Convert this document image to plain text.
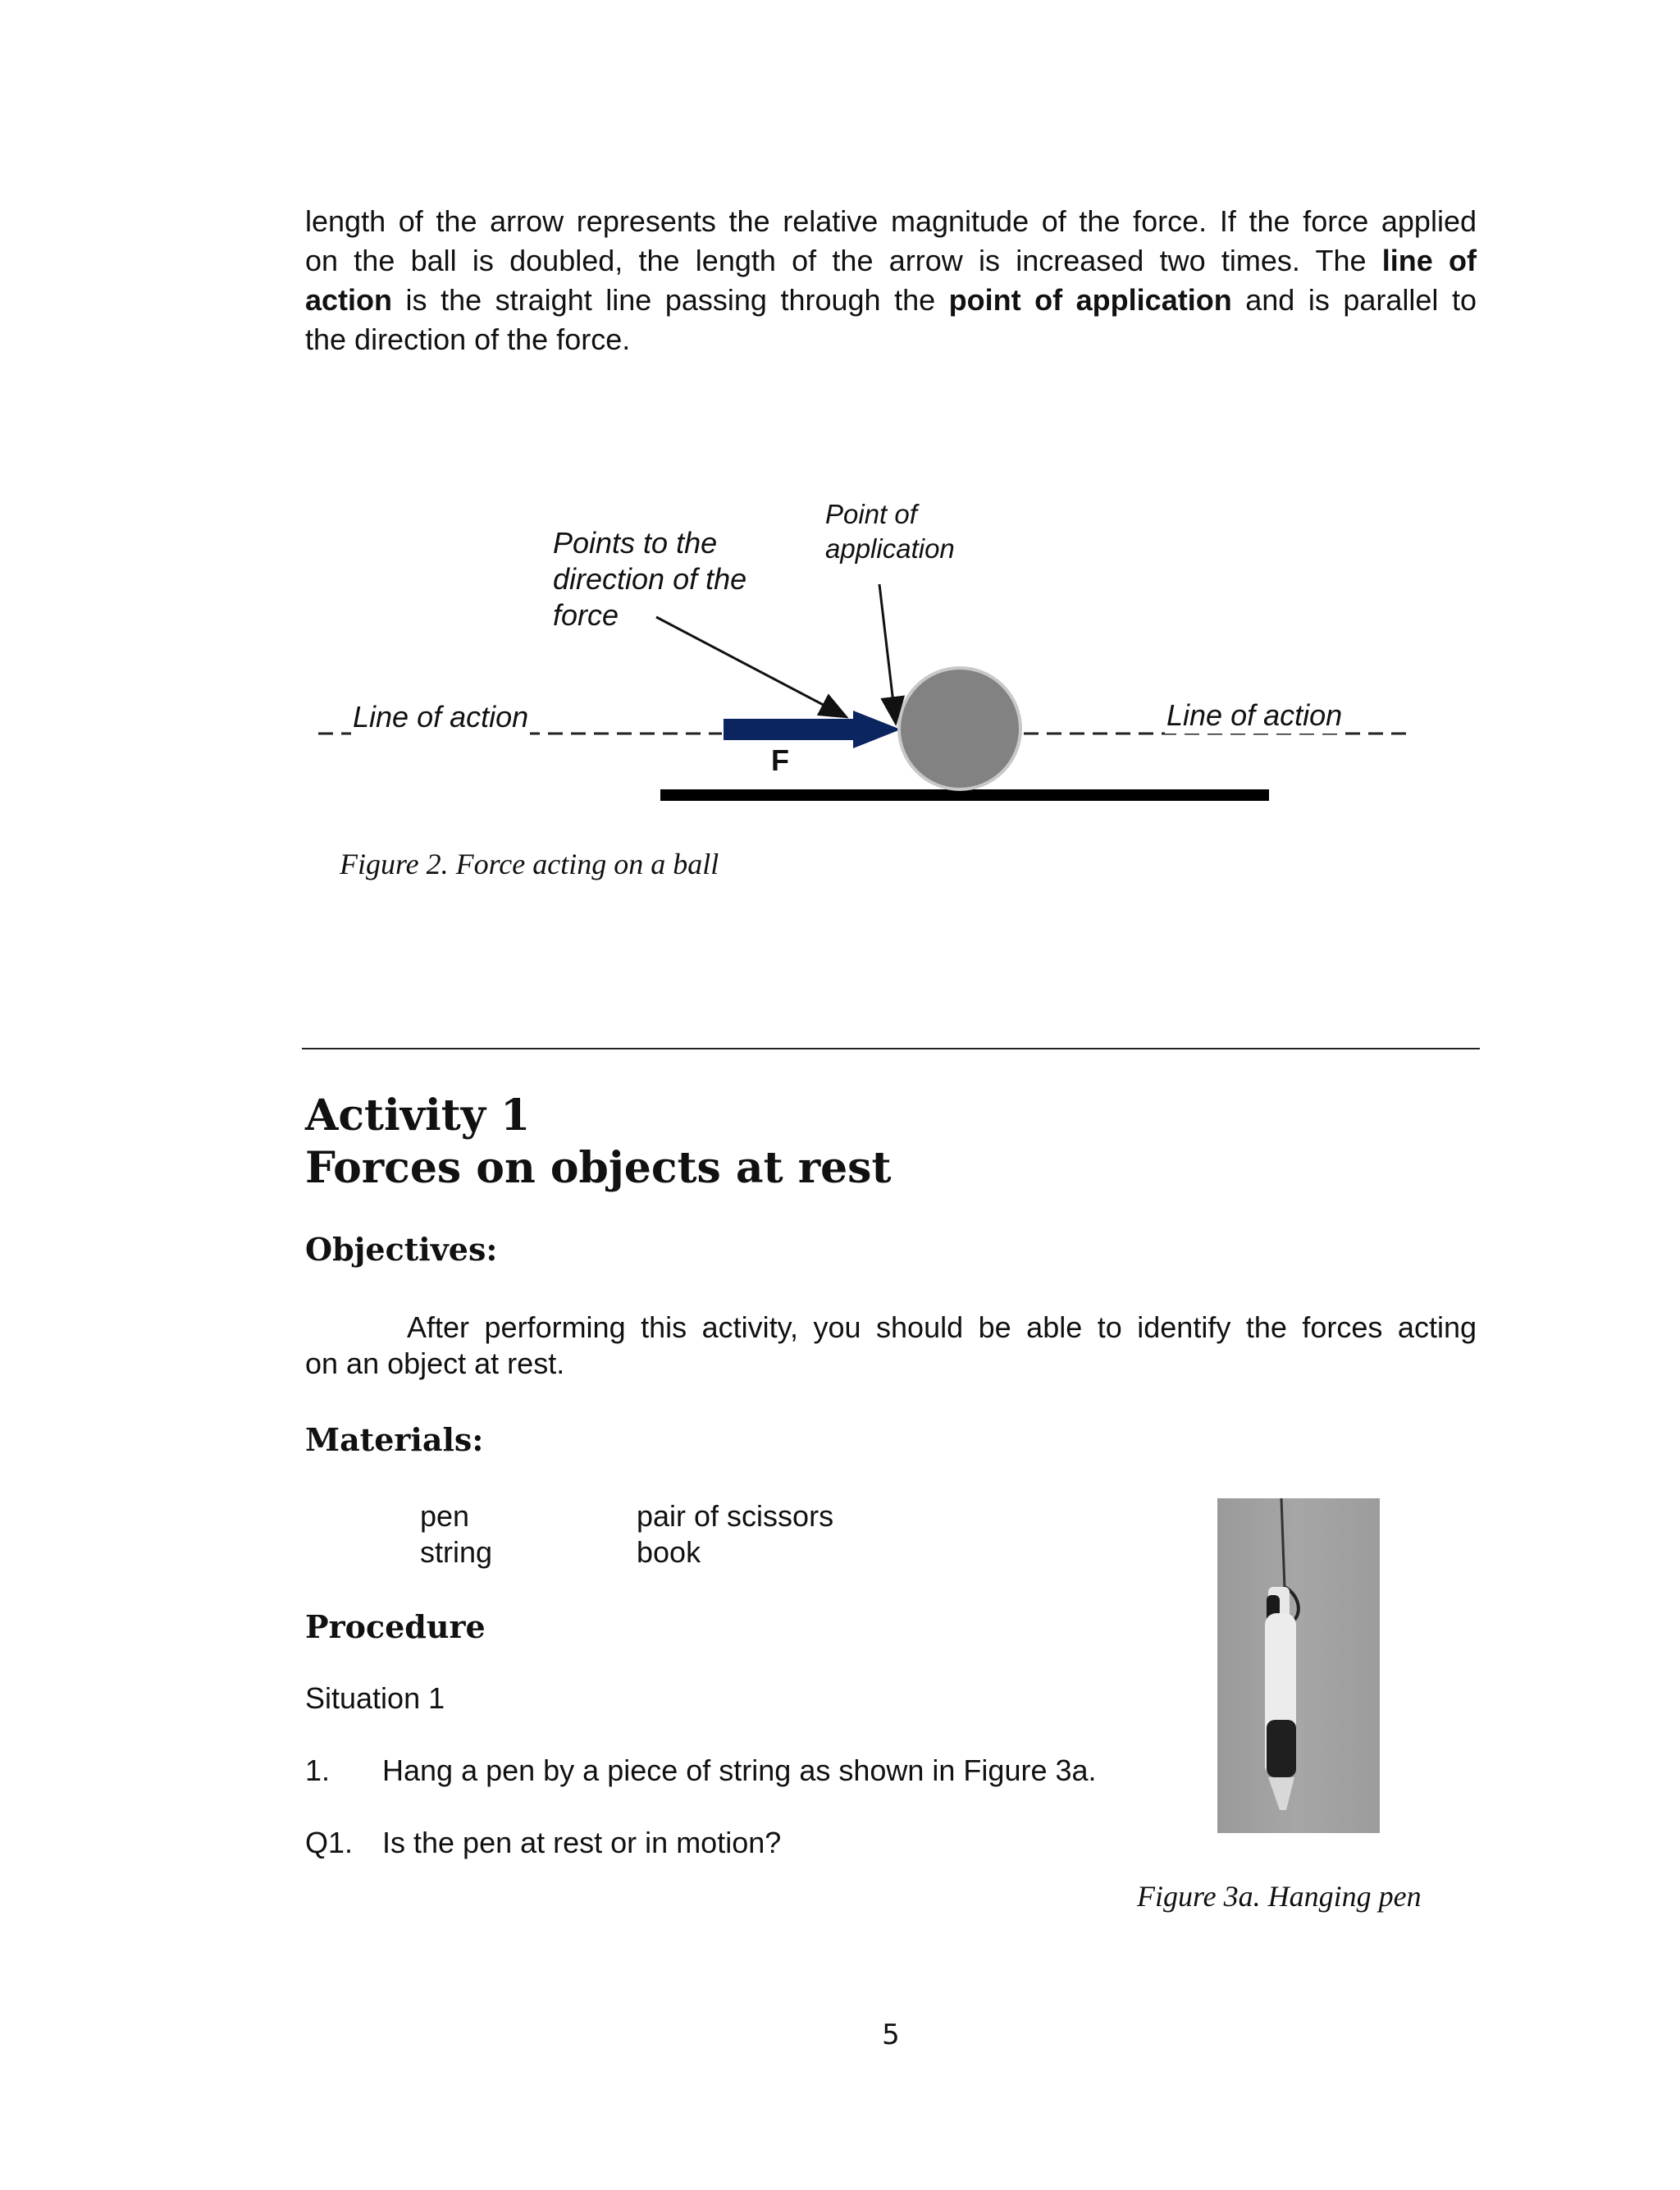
length of the arrow represents the relative magnitude of the force. If the force applied
on the ball is doubled, the length of the arrow is increased two times. The line of
action is the straight line passing through the point of application and is parallel to
the direction of the force.
Points to the
direction of the
force
Point of
application
Line of action	Line of action
F
Figure 2. Force acting on a ball
Activity 1
Forces on objects at rest
Objectives:
After performing this activity, you should be able to identify the forces acting
on an object at rest.
Materials:
pen
string
pair of scissors
book
Procedure
Situation 1
1. Hang a pen by a piece of string as shown in Figure 3a.
Q1. Is the pen at rest or in motion?
Figure 3a. Hanging pen
5
